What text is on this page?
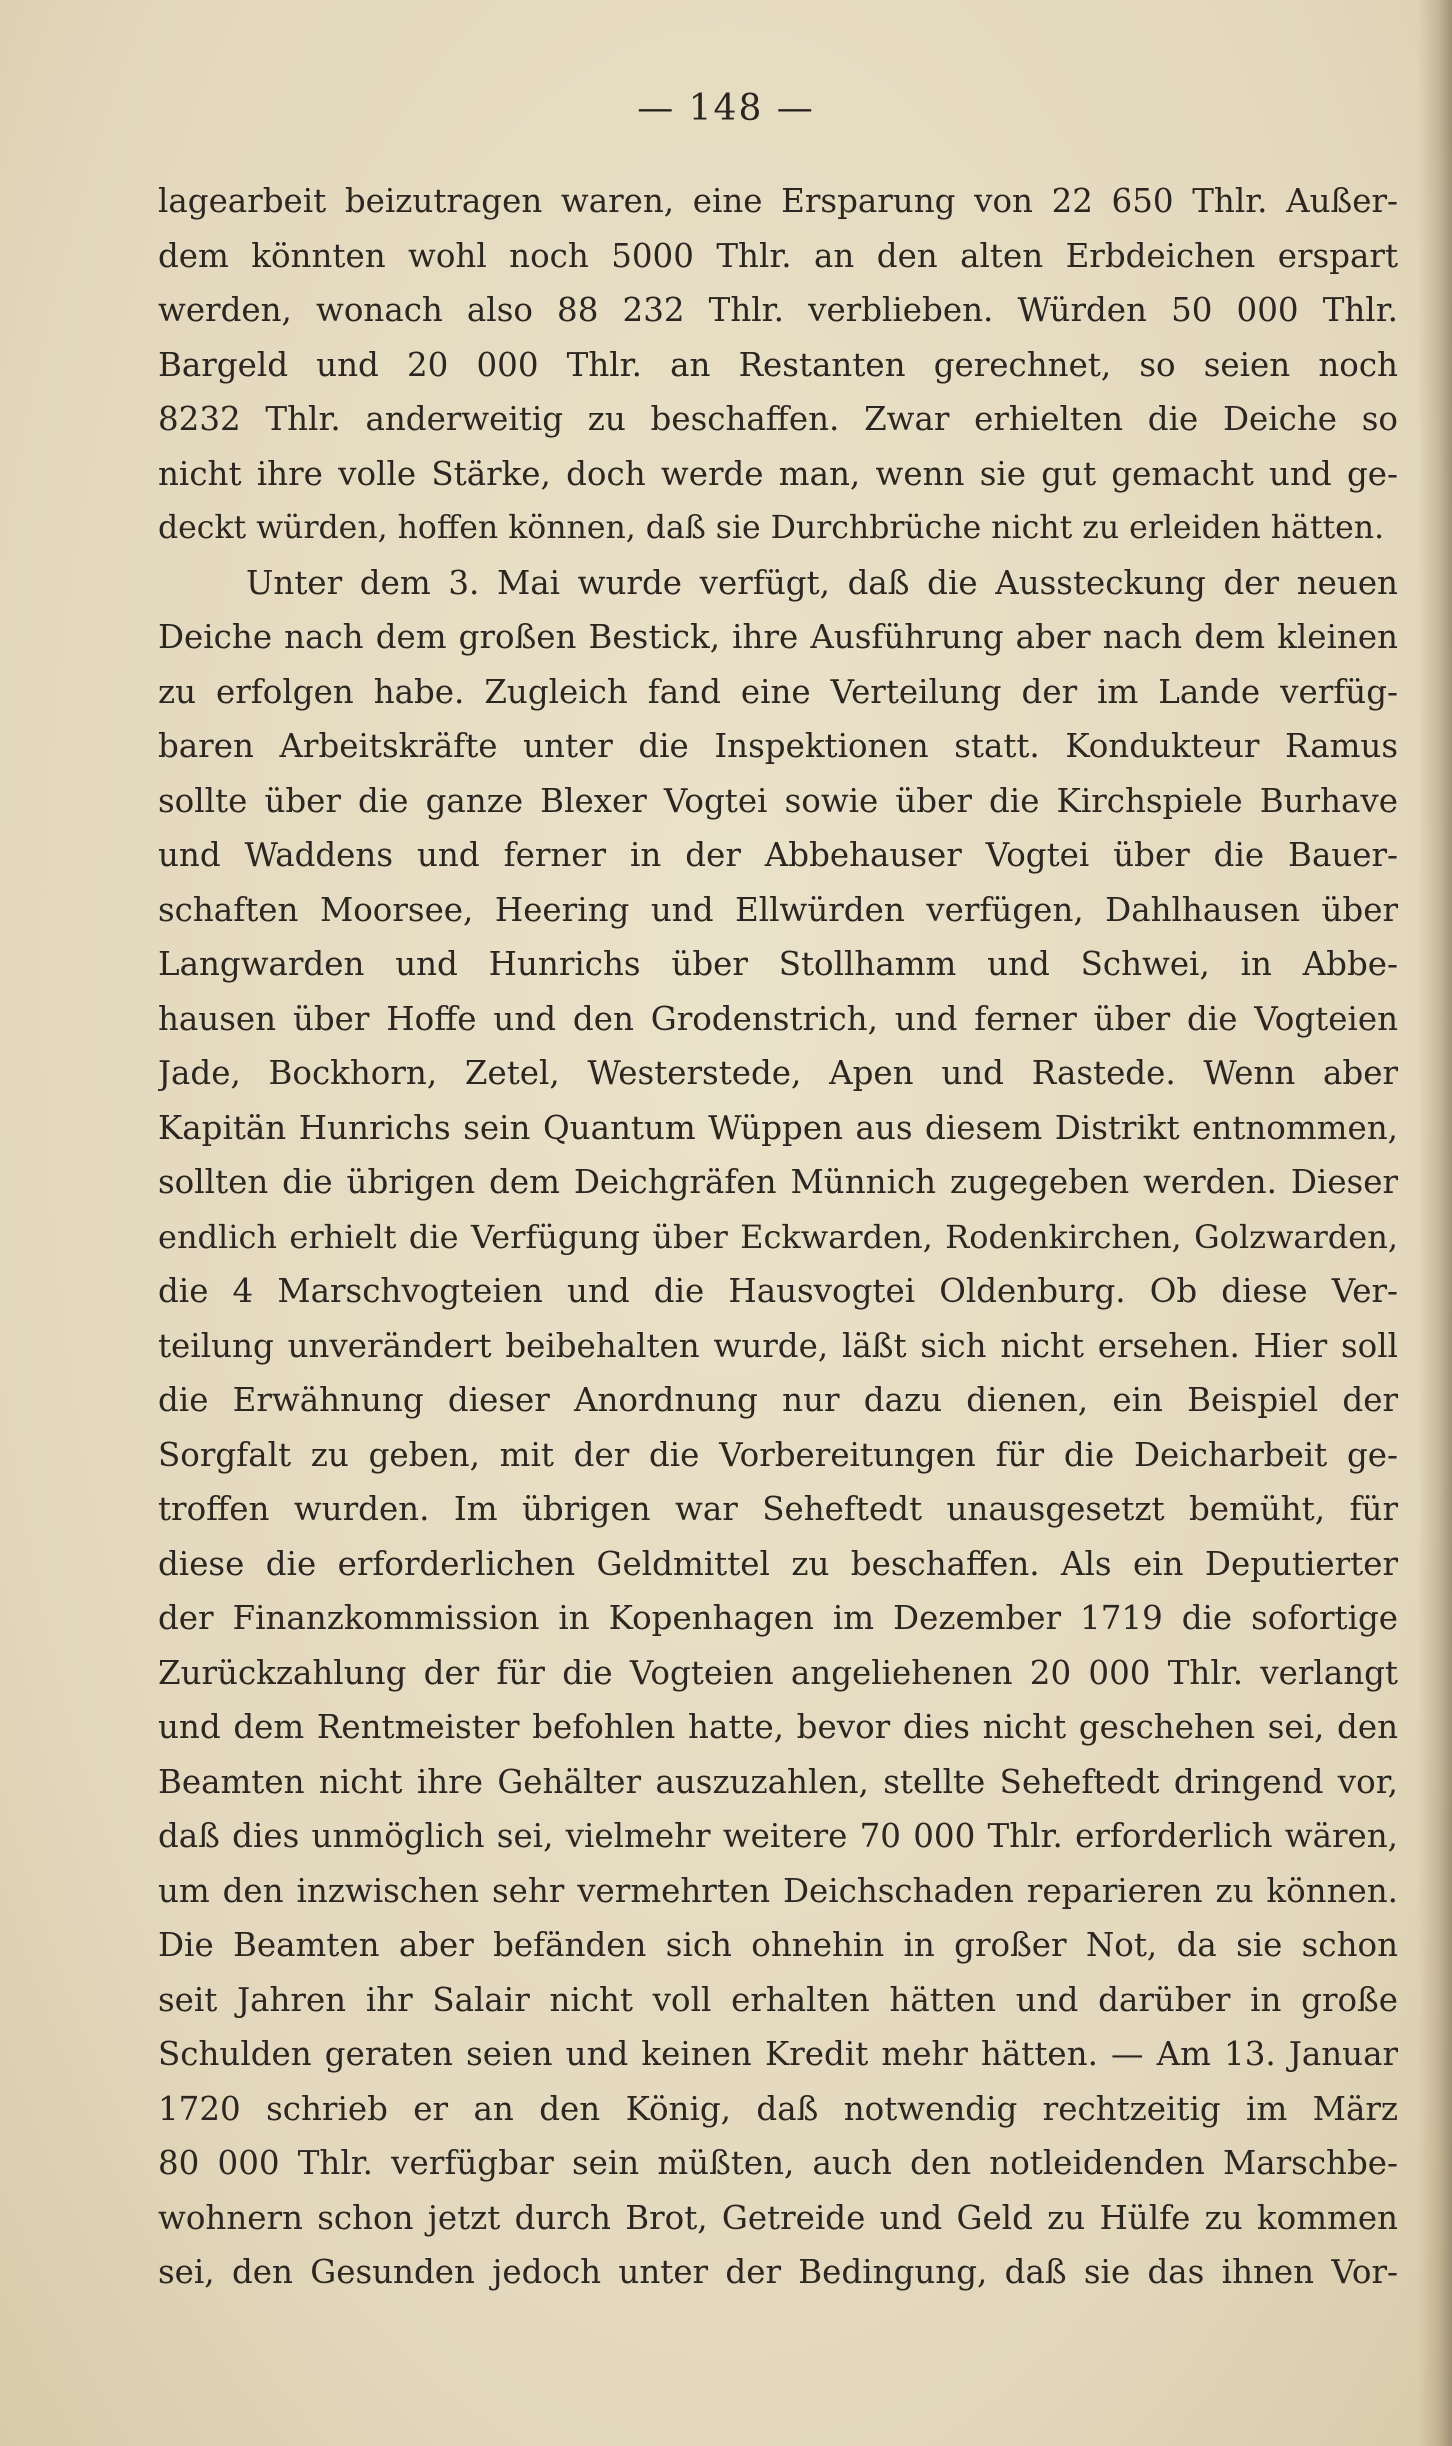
— 148 —
lagearbeit beizutragen waren, eine Ersparung von 22 650 Thlr. Außer-
dem könnten wohl noch 5000 Thlr. an den alten Erbdeichen erspart
werden, wonach also 88 232 Thlr. verblieben. Würden 50 000 Thlr.
Bargeld und 20 000 Thlr. an Restanten gerechnet, so seien noch
8232 Thlr. anderweitig zu beschaffen. Zwar erhielten die Deiche so
nicht ihre volle Stärke, doch werde man, wenn sie gut gemacht und ge-
deckt würden, hoffen können, daß sie Durchbrüche nicht zu erleiden hätten.
Unter dem 3. Mai wurde verfügt, daß die Aussteckung der neuen
Deiche nach dem großen Bestick, ihre Ausführung aber nach dem kleinen
zu erfolgen habe. Zugleich fand eine Verteilung der im Lande verfüg-
baren Arbeitskräfte unter die Inspektionen statt. Kondukteur Ramus
sollte über die ganze Blexer Vogtei sowie über die Kirchspiele Burhave
und Waddens und ferner in der Abbehauser Vogtei über die Bauer-
schaften Moorsee, Heering und Ellwürden verfügen, Dahlhausen über
Langwarden und Hunrichs über Stollhamm und Schwei, in Abbe-
hausen über Hoffe und den Grodenstrich, und ferner über die Vogteien
Jade, Bockhorn, Zetel, Westerstede, Apen und Rastede. Wenn aber
Kapitän Hunrichs sein Quantum Wüppen aus diesem Distrikt entnommen,
sollten die übrigen dem Deichgräfen Münnich zugegeben werden. Dieser
endlich erhielt die Verfügung über Eckwarden, Rodenkirchen, Golzwarden,
die 4 Marschvogteien und die Hausvogtei Oldenburg. Ob diese Ver-
teilung unverändert beibehalten wurde, läßt sich nicht ersehen. Hier soll
die Erwähnung dieser Anordnung nur dazu dienen, ein Beispiel der
Sorgfalt zu geben, mit der die Vorbereitungen für die Deicharbeit ge-
troffen wurden. Im übrigen war Seheftedt unausgesetzt bemüht, für
diese die erforderlichen Geldmittel zu beschaffen. Als ein Deputierter
der Finanzkommission in Kopenhagen im Dezember 1719 die sofortige
Zurückzahlung der für die Vogteien angeliehenen 20 000 Thlr. verlangt
und dem Rentmeister befohlen hatte, bevor dies nicht geschehen sei, den
Beamten nicht ihre Gehälter auszuzahlen, stellte Seheftedt dringend vor,
daß dies unmöglich sei, vielmehr weitere 70 000 Thlr. erforderlich wären,
um den inzwischen sehr vermehrten Deichschaden reparieren zu können.
Die Beamten aber befänden sich ohnehin in großer Not, da sie schon
seit Jahren ihr Salair nicht voll erhalten hätten und darüber in große
Schulden geraten seien und keinen Kredit mehr hätten. — Am 13. Januar
1720 schrieb er an den König, daß notwendig rechtzeitig im März
80 000 Thlr. verfügbar sein müßten, auch den notleidenden Marschbe-
wohnern schon jetzt durch Brot, Getreide und Geld zu Hülfe zu kommen
sei, den Gesunden jedoch unter der Bedingung, daß sie das ihnen Vor-
